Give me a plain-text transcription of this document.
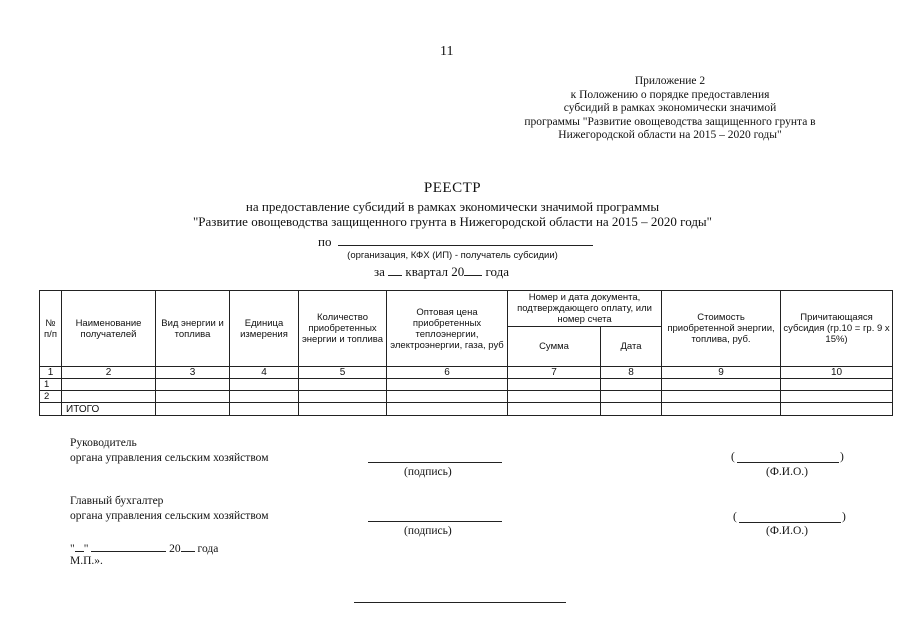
11
Приложение 2
к Положению о порядке предоставления
субсидий в рамках экономически значимой
программы "Развитие овощеводства защищенного грунта в
Нижегородской области на 2015 – 2020 годы"
РЕЕСТР
на предоставление субсидий в рамках экономически значимой программы
"Развитие овощеводства защищенного грунта в Нижегородской области на 2015 – 2020 годы"
по
(организация, КФХ (ИП) - получатель субсидии)
за квартал 20 года
№ п/п	Наименование получателей	Вид энергии и топлива	Единица измерения	Количество приобретенных энергии и топлива	Оптовая цена приобретенных теплоэнергии, электроэнергии, газа, руб	Номер и дата документа, подтверждающего оплату, или номер счета		Стоимость приобретенной энергии, топлива, руб.	Причитающаяся субсидия (гр.10 = гр. 9 х 15%)
						Сумма	Дата		
1	2	3	4	5	6	7	8	9	10
1									
2									
	ИТОГО								
Руководитель
органа управления сельским хозяйством
(подпись)
(	)
(Ф.И.О.)
Главный бухгалтер
органа управления сельским хозяйством
(подпись)
(	)
(Ф.И.О.)
" "	20 года
М.П.».
